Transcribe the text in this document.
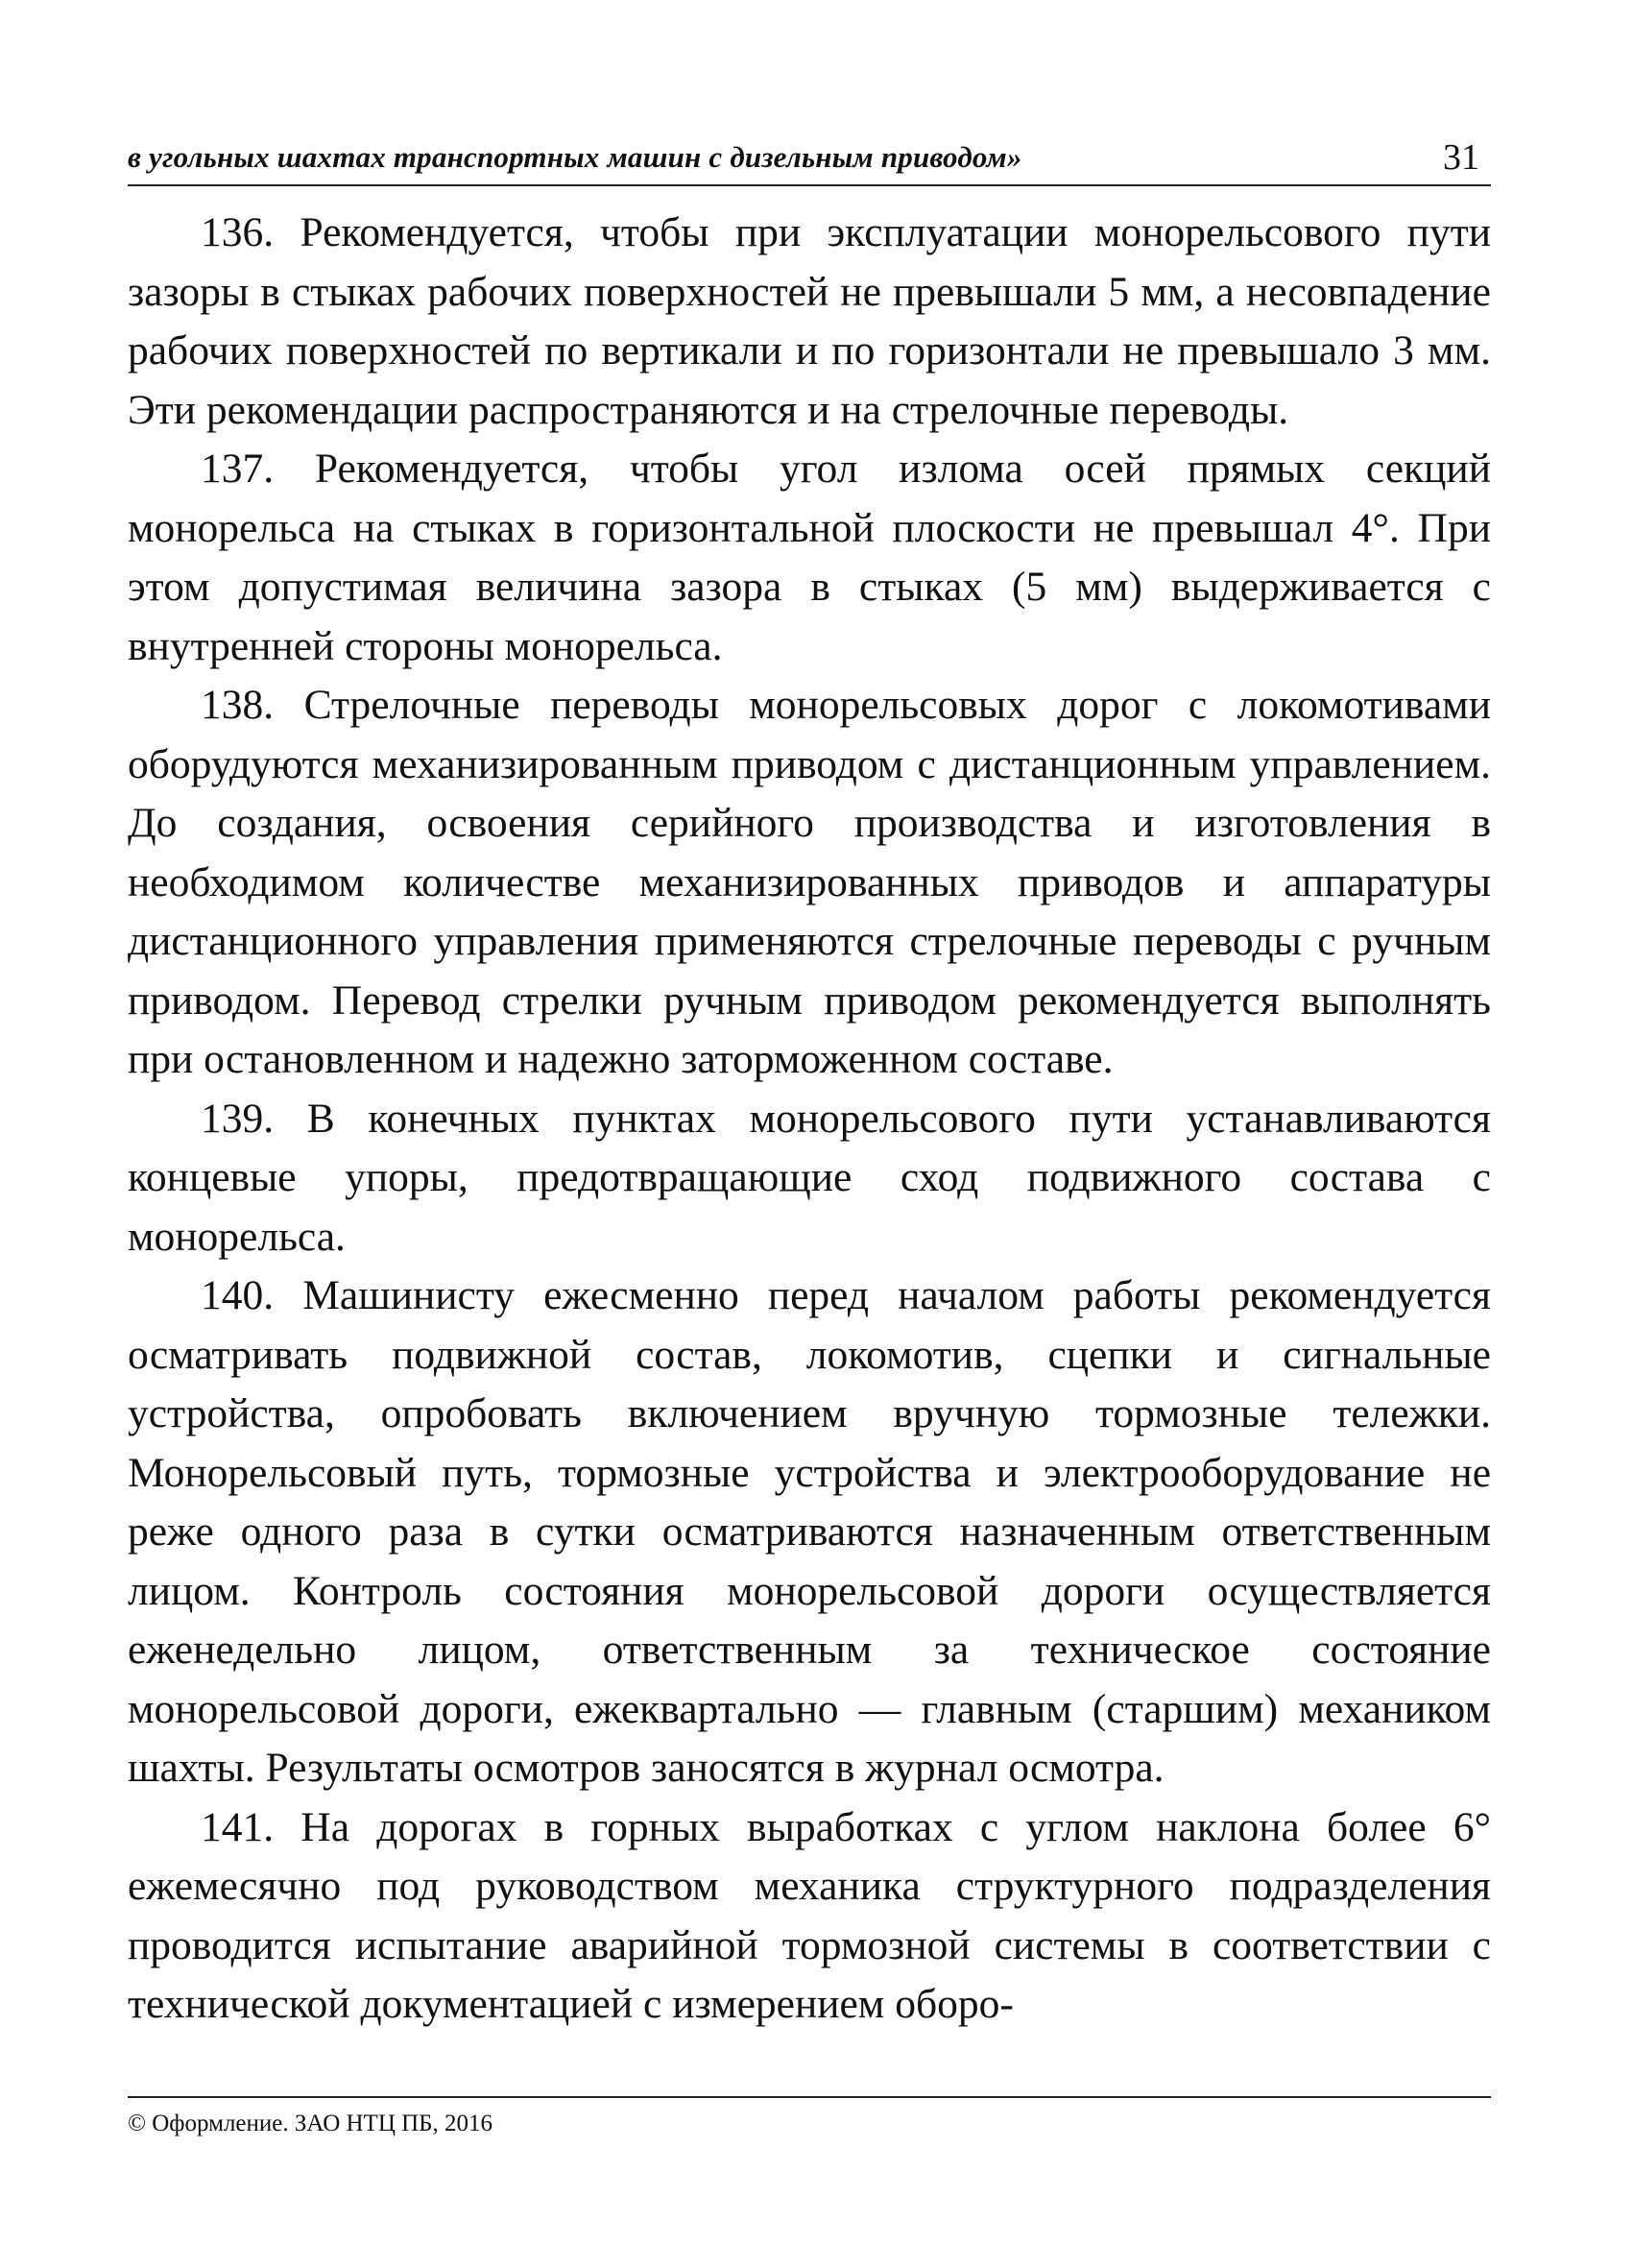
в угольных шахтах транспортных машин с дизельным приводом»	31

136. Рекомендуется, чтобы при эксплуатации монорельсового пути зазоры в стыках рабочих поверхностей не превышали 5 мм, а несовпадение рабочих поверхностей по вертикали и по горизонтали не превышало 3 мм. Эти рекомендации распространяются и на стрелочные переводы.

137. Рекомендуется, чтобы угол излома осей прямых секций монорельса на стыках в горизонтальной плоскости не превышал 4°. При этом допустимая величина зазора в стыках (5 мм) выдерживается с внутренней стороны монорельса.

138. Стрелочные переводы монорельсовых дорог с локомотивами оборудуются механизированным приводом с дистанционным управлением. До создания, освоения серийного производства и изготовления в необходимом количестве механизированных приводов и аппаратуры дистанционного управления применяются стрелочные переводы с ручным приводом. Перевод стрелки ручным приводом рекомендуется выполнять при остановленном и надежно заторможенном составе.

139. В конечных пунктах монорельсового пути устанавливаются концевые упоры, предотвращающие сход подвижного состава с монорельса.

140. Машинисту ежесменно перед началом работы рекомендуется осматривать подвижной состав, локомотив, сцепки и сигнальные устройства, опробовать включением вручную тормозные тележки. Монорельсовый путь, тормозные устройства и электрооборудование не реже одного раза в сутки осматриваются назначенным ответственным лицом. Контроль состояния монорельсовой дороги осуществляется еженедельно лицом, ответственным за техническое состояние монорельсовой дороги, ежеквартально — главным (старшим) механиком шахты. Результаты осмотров заносятся в журнал осмотра.

141. На дорогах в горных выработках с углом наклона более 6° ежемесячно под руководством механика структурного подразделения проводится испытание аварийной тормозной системы в соответствии с технической документацией с измерением оборо-

© Оформление. ЗАО НТЦ ПБ, 2016
